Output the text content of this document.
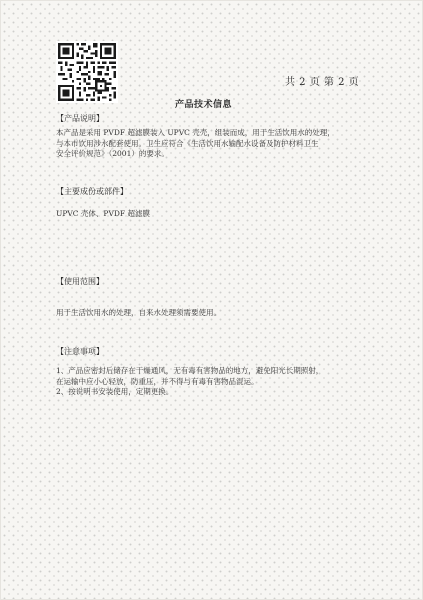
共 2 页 第 2 页
产品技术信息
【产品说明】
本产品是采用 PVDF 超滤膜装入 UPVC 壳壳，组装而成，用于生活饮用水的处理，
与本市饮用涉水配套使用。卫生应符合《生活饮用水输配水设备及防护材料卫生
安全评价规范》（2001）的要求。
【主要成份或部件】
UPVC 壳体、PVDF 超滤膜
【使用范围】
用于生活饮用水的处理，自来水处理须需要使用。
【注意事项】
1、产品应密封后储存在干燥通风，无有毒有害物品的地方，避免阳光长期照射，
在运输中应小心轻放，防重压，并不得与有毒有害物品混运。
2、按说明书安装使用，定期更换。
